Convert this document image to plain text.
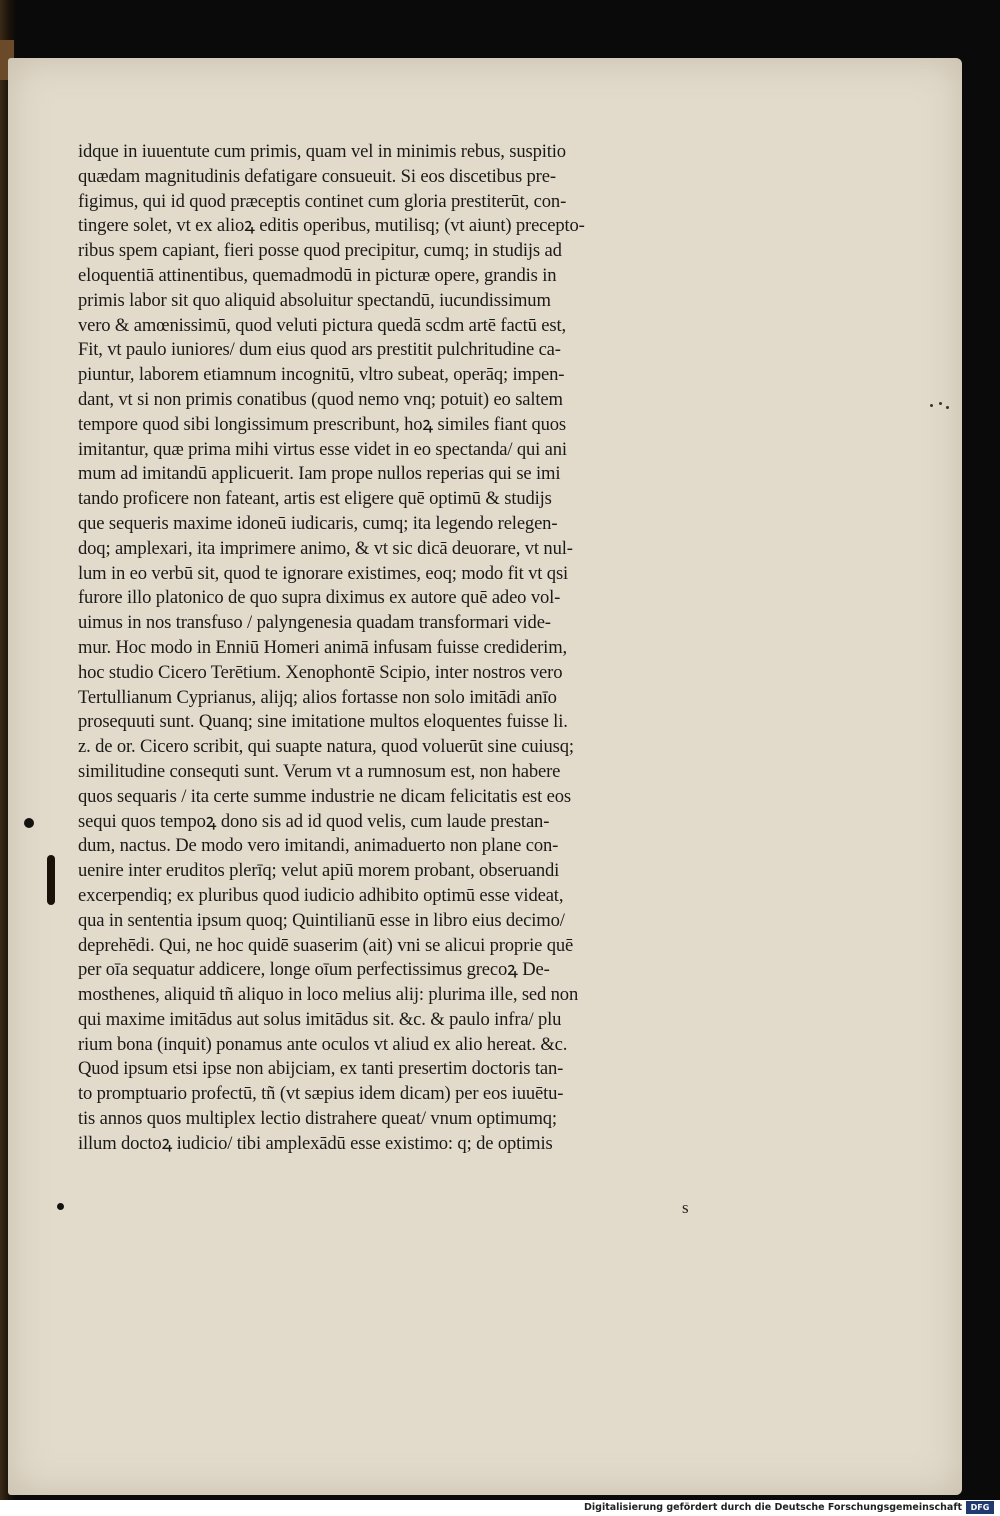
idque in iuuentute cum primis, quam vel in minimis rebus, suspitio
quædam magnitudinis defatigare consueuit. Si eos discetibus pre-
figimus, qui id quod præceptis continet cum gloria prestiterūt, con-
tingere solet, vt ex alioꝝ editis operibus, mutilisq; (vt aiunt) precepto-
ribus spem capiant, fieri posse quod precipitur, cumq; in studijs ad
eloquentiā attinentibus, quemadmodū in picturæ opere, grandis in
primis labor sit quo aliquid absoluitur spectandū, iucundissimum
vero & amœnissimū, quod veluti pictura quedā scdm artē factū est,
Fit, vt paulo iuniores/ dum eius quod ars prestitit pulchritudine ca-
piuntur, laborem etiamnum incognitū, vltro subeat, operāq; impen-
dant, vt si non primis conatibus (quod nemo vnq; potuit) eo saltem
tempore quod sibi longissimum prescribunt, hoꝝ similes fiant quos
imitantur, quæ prima mihi virtus esse videt in eo spectanda/ qui ani
mum ad imitandū applicuerit. Iam prope nullos reperias qui se imi
tando proficere non fateant, artis est eligere quē optimū & studijs
que sequeris maxime idoneū iudicaris, cumq; ita legendo relegen-
doq; amplexari, ita imprimere animo, & vt sic dicā deuorare, vt nul-
lum in eo verbū sit, quod te ignorare existimes, eoq; modo fit vt qsi
furore illo platonico de quo supra diximus ex autore quē adeo vol-
uimus in nos transfuso / palyngenesia quadam transformari vide-
mur. Hoc modo in Enniū Homeri animā infusam fuisse crediderim,
hoc studio Cicero Terētium. Xenophontē Scipio, inter nostros vero
Tertullianum Cyprianus, alijq; alios fortasse non solo imitādi anīo
prosequuti sunt. Quanq; sine imitatione multos eloquentes fuisse li.
z. de or. Cicero scribit, qui suapte natura, quod voluerūt sine cuiusq;
similitudine consequti sunt. Verum vt a rumnosum est, non habere
quos sequaris / ita certe summe industrie ne dicam felicitatis est eos
sequi quos tempoꝝ dono sis ad id quod velis, cum laude prestan-
dum, nactus. De modo vero imitandi, animaduerto non plane con-
uenire inter eruditos plerīq; velut apiū morem probant, obseruandi
excerpendiq; ex pluribus quod iudicio adhibito optimū esse videat,
qua in sententia ipsum quoq; Quintilianū esse in libro eius decimo/
deprehēdi. Qui, ne hoc quidē suaserim (ait) vni se alicui proprie quē
per oīa sequatur addicere, longe oīum perfectissimus grecoꝝ De-
mosthenes, aliquid tñ aliquo in loco melius alij: plurima ille, sed non
qui maxime imitādus aut solus imitādus sit. &c. & paulo infra/ plu
rium bona (inquit) ponamus ante oculos vt aliud ex alio hereat. &c.
Quod ipsum etsi ipse non abijciam, ex tanti presertim doctoris tan-
to promptuario profectū, tñ (vt sæpius idem dicam) per eos iuuētu-
tis annos quos multiplex lectio distrahere queat/ vnum optimumq;
illum doctoꝝ iudicio/ tibi amplexādū esse existimo: q; de optimis
s
Digitalisierung gefördert durch die Deutsche Forschungsgemeinschaft	DFG
